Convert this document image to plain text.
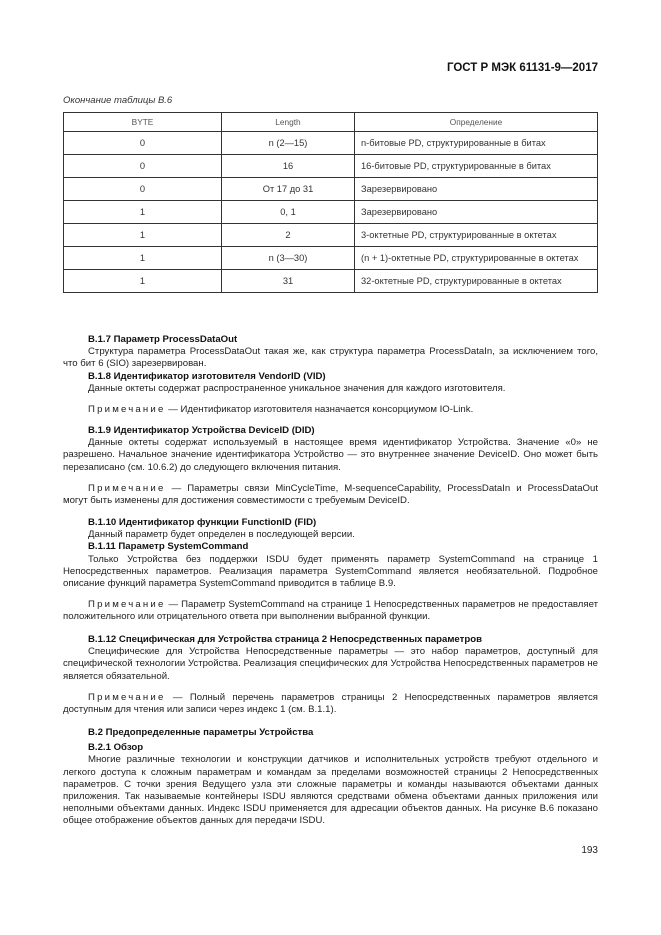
ГОСТ Р МЭК 61131-9—2017
Окончание таблицы В.6
BYTE	Length	Определение
0	n (2—15)	n-битовые PD, структурированные в битах
0	16	16-битовые PD, структурированные в битах
0	От 17 до 31	Зарезервировано
1	0, 1	Зарезервировано
1	2	3-октетные PD, структурированные в октетах
1	n (3—30)	(n + 1)-октетные PD, структурированные в октетах
1	31	32-октетные PD, структурированные в октетах
B.1.7 Параметр ProcessDataOut
Структура параметра ProcessDataOut такая же, как структура параметра ProcessDataIn, за исключением того, что бит 6 (SIO) зарезервирован.
B.1.8 Идентификатор изготовителя VendorID (VID)
Данные октеты содержат распространенное уникальное значения для каждого изготовителя.
Примечание — Идентификатор изготовителя назначается консорциумом IO-Link.
B.1.9 Идентификатор Устройства DeviceID (DID)
Данные октеты содержат используемый в настоящее время идентификатор Устройства. Значение «0» не разрешено. Начальное значение идентификатора Устройство — это внутреннее значение DeviceID. Оно может быть перезаписано (см. 10.6.2) до следующего включения питания.
Примечание — Параметры связи MinCycleTime, M-sequenceCapability, ProcessDataIn и ProcessDataOut могут быть изменены для достижения совместимости с требуемым DeviceID.
B.1.10 Идентификатор функции FunctionID (FID)
Данный параметр будет определен в последующей версии.
B.1.11 Параметр SystemCommand
Только Устройства без поддержки ISDU будет применять параметр SystemCommand на странице 1 Непосредственных параметров. Реализация параметра SystemCommand является необязательной. Подробное описание функций параметра SystemCommand приводится в таблице B.9.
Примечание — Параметр SystemCommand на странице 1 Непосредственных параметров не предоставляет положительного или отрицательного ответа при выполнении выбранной функции.
B.1.12 Специфическая для Устройства страница 2 Непосредственных параметров
Специфические для Устройства Непосредственные параметры — это набор параметров, доступный для специфической технологии Устройства. Реализация специфических для Устройства Непосредственных параметров не является обязательной.
Примечание — Полный перечень параметров страницы 2 Непосредственных параметров является доступным для чтения или записи через индекс 1 (см. B.1.1).
B.2 Предопределенные параметры Устройства
B.2.1 Обзор
Многие различные технологии и конструкции датчиков и исполнительных устройств требуют отдельного и легкого доступа к сложным параметрам и командам за пределами возможностей страницы 2 Непосредственных параметров. С точки зрения Ведущего узла эти сложные параметры и команды называются объектами данных приложения. Так называемые контейнеры ISDU являются средствами обмена объектами данных приложения или неполными объектами данных. Индекс ISDU применяется для адресации объектов данных. На рисунке B.6 показано общее отображение объектов данных для передачи ISDU.
193
